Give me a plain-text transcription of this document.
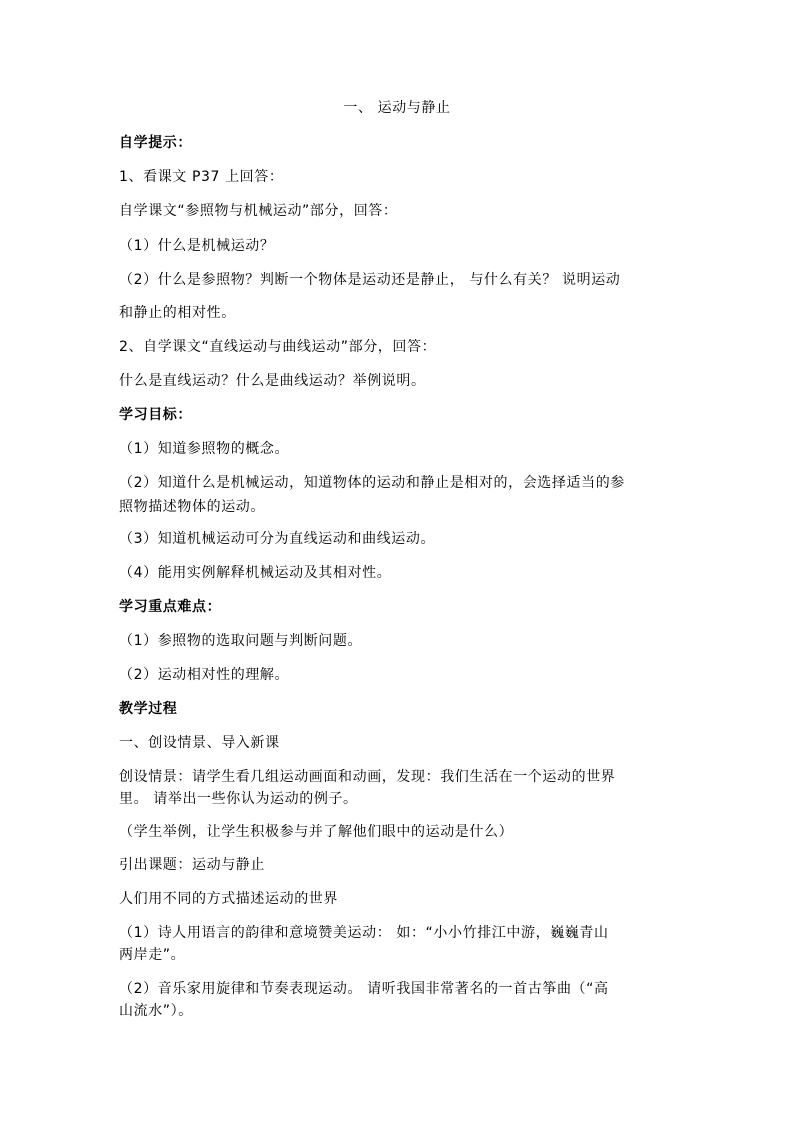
一、 运动与静止
自学提示：
1、看课文 P37 上回答：
自学课文“参照物与机械运动”部分，回答：
（1）什么是机械运动？
（2）什么是参照物？判断一个物体是运动还是静止， 与什么有关？ 说明运动
和静止的相对性。
2、自学课文“直线运动与曲线运动”部分，回答：
什么是直线运动？什么是曲线运动？举例说明。
学习目标：
（1）知道参照物的概念。
（2）知道什么是机械运动，知道物体的运动和静止是相对的，会选择适当的参
照物描述物体的运动。
（3）知道机械运动可分为直线运动和曲线运动。
（4）能用实例解释机械运动及其相对性。
学习重点难点：
（1）参照物的选取问题与判断问题。
（2）运动相对性的理解。
教学过程
一、创设情景、导入新课
创设情景：请学生看几组运动画面和动画，发现：我们生活在一个运动的世界
里。 请举出一些你认为运动的例子。
（学生举例，让学生积极参与并了解他们眼中的运动是什么）
引出课题：运动与静止
人们用不同的方式描述运动的世界
（1）诗人用语言的韵律和意境赞美运动： 如：“小小竹排江中游，巍巍青山
两岸走”。
（2）音乐家用旋律和节奏表现运动。 请听我国非常著名的一首古筝曲（“高
山流水”）。
